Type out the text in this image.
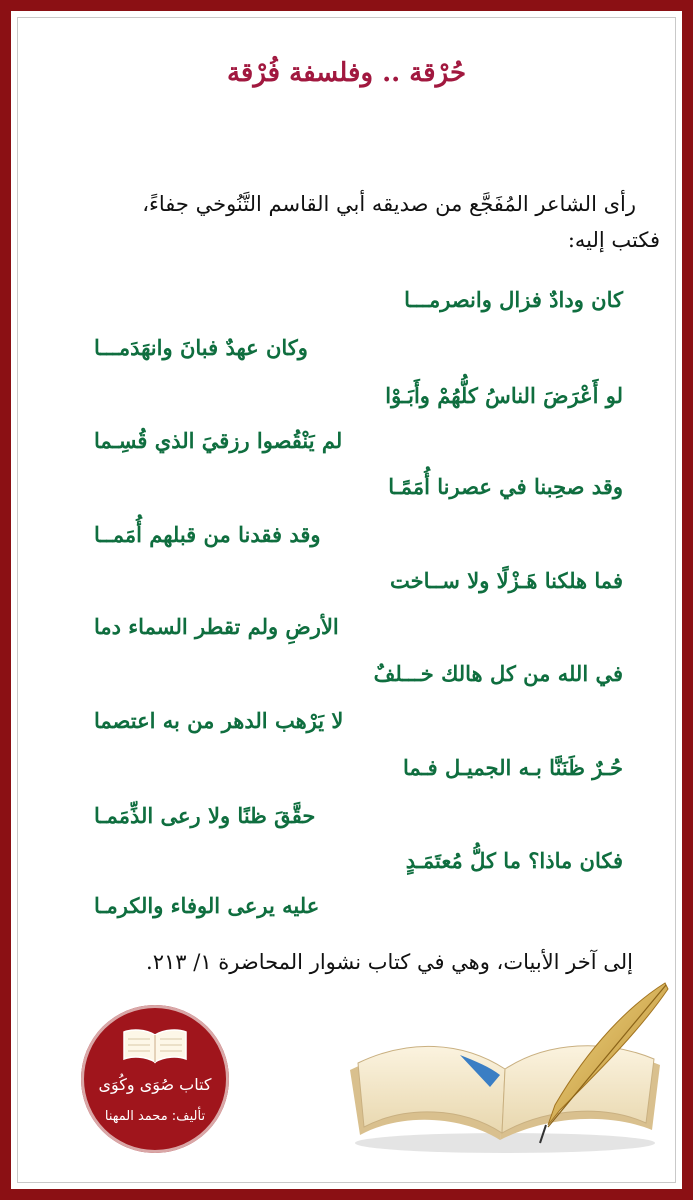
حُرْقة .. وفلسفة فُرْقة
رأى الشاعر المُفَجَّع من صديقه أبي القاسم التَّنُوخي جفاءً،
فكتب إليه:
كان ودادٌ فزال وانصرمـــا
وكان عهدٌ فبانَ وانهَدَمـــا
لو أَعْرَضَ الناسُ كلُّهُمْ وأَبَـوْا
لم يَنْقُصوا رزقيَ الذي قُسِـما
وقد صحِبنا في عصرنا أُمَمًـا
وقد فقدنا من قبلهم أُمَمــا
فما هلكنا هَـزْلًا ولا ســاخت
الأرضِ ولم تقطر السماء دما
في الله من كل هالك خـــلفٌ
لا يَرْهب الدهر من به اعتصما
حُـرٌ ظَنَنَّا بـه الجميـل فـما
حقَّقَ ظنًا ولا رعى الذِّمَمـا
فكان ماذا؟ ما كلُّ مُعتَمَـدٍ
عليه يرعى الوفاء والكرمـا
إلى آخر الأبيات، وهي في كتاب نشوار المحاضرة ١/ ٢١٣.
كتاب صُوَى وكُوَى
تأليف: محمد المهنا
